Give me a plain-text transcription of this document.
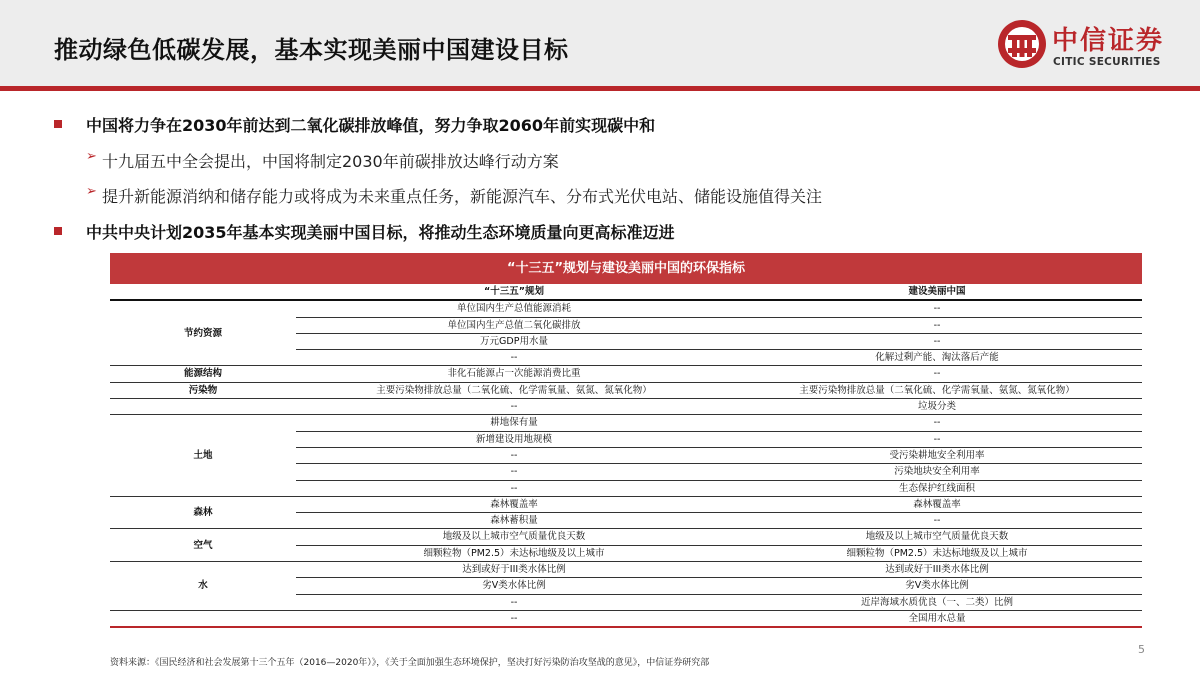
推动绿色低碳发展，基本实现美丽中国建设目标	中信证券
CITIC SECURITIES
中国将力争在2030年前达到二氧化碳排放峰值，努力争取2060年前实现碳中和
➢ 十九届五中全会提出，中国将制定2030年前碳排放达峰行动方案
➢ 提升新能源消纳和储存能力或将成为未来重点任务，新能源汽车、分布式光伏电站、储能设施值得关注
中共中央计划2035年基本实现美丽中国目标，将推动生态环境质量向更高标准迈进
“十三五”规划与建设美丽中国的环保指标
	“十三五”规划	建设美丽中国
节约资源	单位国内生产总值能源消耗	--
	单位国内生产总值二氧化碳排放	--
	万元GDP用水量	--
	--	化解过剩产能、淘汰落后产能
能源结构	非化石能源占一次能源消费比重	--
污染物	主要污染物排放总量（二氧化硫、化学需氧量、氨氮、氮氧化物）	主要污染物排放总量（二氧化硫、化学需氧量、氨氮、氮氧化物）
	--	垃圾分类
土地	耕地保有量	--
	新增建设用地规模	--
	--	受污染耕地安全利用率
	--	污染地块安全利用率
	--	生态保护红线面积
森林	森林覆盖率	森林覆盖率
	森林蓄积量	--
空气	地级及以上城市空气质量优良天数	地级及以上城市空气质量优良天数
	细颗粒物（PM2.5）未达标地级及以上城市	细颗粒物（PM2.5）未达标地级及以上城市
水	达到或好于III类水体比例	达到或好于III类水体比例
	劣V类水体比例	劣V类水体比例
	--	近岸海域水质优良（一、二类）比例
	--	全国用水总量
资料来源：《国民经济和社会发展第十三个五年（2016—2020年）》，《关于全面加强生态环境保护，坚决打好污染防治攻坚战的意见》，中信证券研究部
5
